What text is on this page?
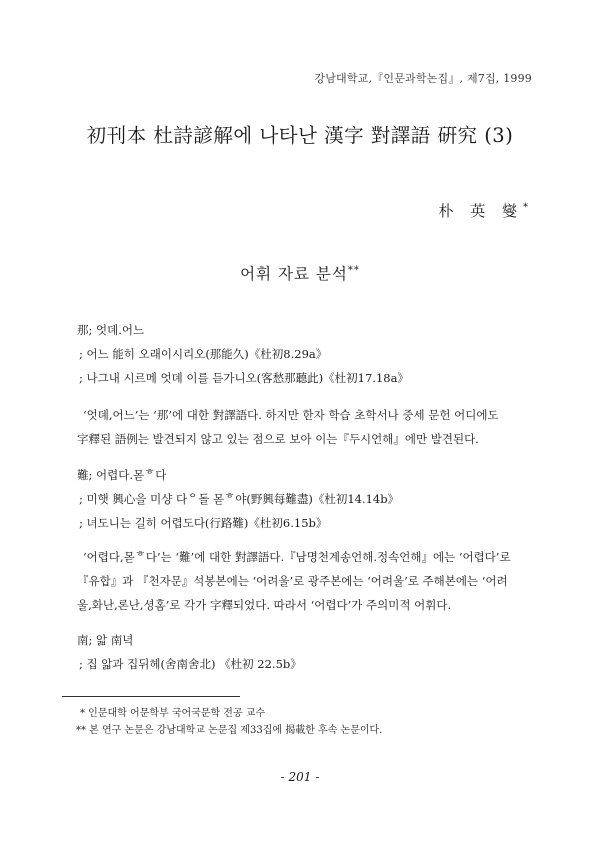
강남대학교,『인문과학논집』, 제7집, 1999
初刊本 杜詩諺解에 나타난 漢字 對譯語 硏究 (3)
朴 英 燮*
어휘 자료 분석**

那; 엇뎨.어느

; 어느 能히 오래이시리오(那能久)《杜初8.29a》

; 나그내 시르메 엇뎨 이를 듣가니오(客愁那聽此)《杜初17.18a》

‘엇뎨,어느’는 ‘那’에 대한 對譯語다. 하지만 한자 학습 초학서나 중세 문헌 어디에도

字釋된 語例는 발견되지 않고 있는 점으로 보아 이는『두시언해』에만 발견된다.

難; 어렵다.몯ᄒ다

; 미햇 興心을 미샹 다ᄋ돌 몯ᄒ야(野興每難盡)《杜初14.14b》

; 녀도니는 길히 어렵도다(行路難)《杜初6.15b》

‘어렵다,몯ᄒ다’는 ‘難’에 대한 對譯語다.『남명천계송언해.정속언해』에는 ‘어렵다’로

『유합』과 『천자문』석봉본에는 ‘어려울’로 광주본에는 ‘어려울’로 주해본에는 ‘어려

울,화난,론난,셩홈’로 각가 字釋되었다. 따라서 ‘어렵다’가 주의미적 어휘다.

南; 앏 南녁

; 집 앏과 집뒤헤(舍南舍北) 《杜初 22.5b》

* 인문대학 어문학부 국어국문학 전공 교수
** 본 연구 논문은 강남대학교 논문집 제33집에 揭載한 후속 논문이다.
- 201 -
